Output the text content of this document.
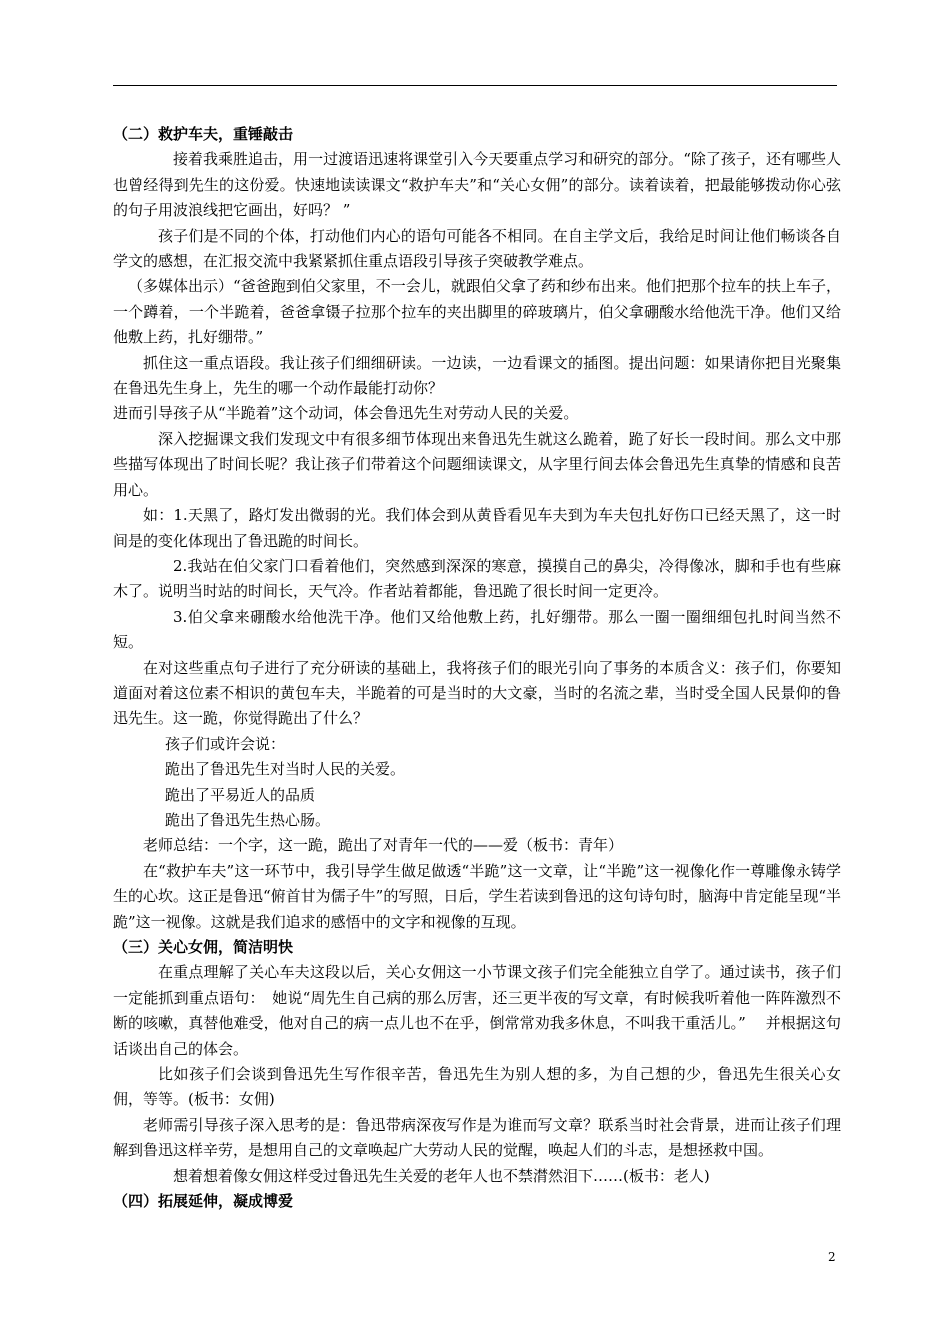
（二）救护车夫，重锤敲击

接着我乘胜追击，用一过渡语迅速将课堂引入今天要重点学习和研究的部分。“除了孩子，还有哪些人也曾经得到先生的这份爱。快速地读读课文“救护车夫”和“关心女佣”的部分。读着读着，把最能够拨动你心弦的句子用波浪线把它画出，好吗？ ”

孩子们是不同的个体，打动他们内心的语句可能各不相同。在自主学文后，我给足时间让他们畅谈各自学文的感想，在汇报交流中我紧紧抓住重点语段引导孩子突破教学难点。

（多媒体出示）“爸爸跑到伯父家里，不一会儿，就跟伯父拿了药和纱布出来。他们把那个拉车的扶上车子，一个蹲着，一个半跪着，爸爸拿镊子拉那个拉车的夹出脚里的碎玻璃片，伯父拿硼酸水给他洗干净。他们又给他敷上药，扎好绷带。”

抓住这一重点语段。我让孩子们细细研读。一边读，一边看课文的插图。提出问题：如果请你把目光聚集在鲁迅先生身上，先生的哪一个动作最能打动你？

进而引导孩子从“半跪着”这个动词，体会鲁迅先生对劳动人民的关爱。

深入挖掘课文我们发现文中有很多细节体现出来鲁迅先生就这么跪着，跪了好长一段时间。那么文中那些描写体现出了时间长呢？我让孩子们带着这个问题细读课文，从字里行间去体会鲁迅先生真挚的情感和良苦用心。

如：1.天黑了，路灯发出微弱的光。我们体会到从黄昏看见车夫到为车夫包扎好伤口已经天黑了，这一时间是的变化体现出了鲁迅跪的时间长。

2.我站在伯父家门口看着他们，突然感到深深的寒意，摸摸自己的鼻尖，冷得像冰，脚和手也有些麻木了。说明当时站的时间长，天气冷。作者站着都能，鲁迅跪了很长时间一定更冷。

3.伯父拿来硼酸水给他洗干净。他们又给他敷上药，扎好绷带。那么一圈一圈细细包扎时间当然不短。

在对这些重点句子进行了充分研读的基础上，我将孩子们的眼光引向了事务的本质含义：孩子们，你要知道面对着这位素不相识的黄包车夫，半跪着的可是当时的大文豪，当时的名流之辈，当时受全国人民景仰的鲁迅先生。这一跪，你觉得跪出了什么？

孩子们或许会说：

跪出了鲁迅先生对当时人民的关爱。

跪出了平易近人的品质

跪出了鲁迅先生热心肠。

老师总结：一个字，这一跪，跪出了对青年一代的——爱（板书：青年）

在“救护车夫”这一环节中，我引导学生做足做透“半跪”这一文章，让“半跪”这一视像化作一尊雕像永铸学生的心坎。这正是鲁迅“俯首甘为儒子牛”的写照，日后，学生若读到鲁迅的这句诗句时，脑海中肯定能呈现“半跪”这一视像。这就是我们追求的感悟中的文字和视像的互现。

（三）关心女佣，简洁明快

在重点理解了关心车夫这段以后，关心女佣这一小节课文孩子们完全能独立自学了。通过读书，孩子们一定能抓到重点语句：　她说“周先生自己病的那么厉害，还三更半夜的写文章，有时候我听着他一阵阵激烈不断的咳嗽，真替他难受，他对自己的病一点儿也不在乎，倒常常劝我多休息，不叫我干重活儿。”　 并根据这句话谈出自己的体会。

比如孩子们会谈到鲁迅先生写作很辛苦，鲁迅先生为别人想的多，为自己想的少，鲁迅先生很关心女佣，等等。(板书：女佣)

老师需引导孩子深入思考的是：鲁迅带病深夜写作是为谁而写文章？联系当时社会背景，进而让孩子们理解到鲁迅这样辛劳，是想用自己的文章唤起广大劳动人民的觉醒，唤起人们的斗志，是想拯救中国。

想着想着像女佣这样受过鲁迅先生关爱的老年人也不禁潸然泪下……(板书：老人)

（四）拓展延伸，凝成博爱

2
